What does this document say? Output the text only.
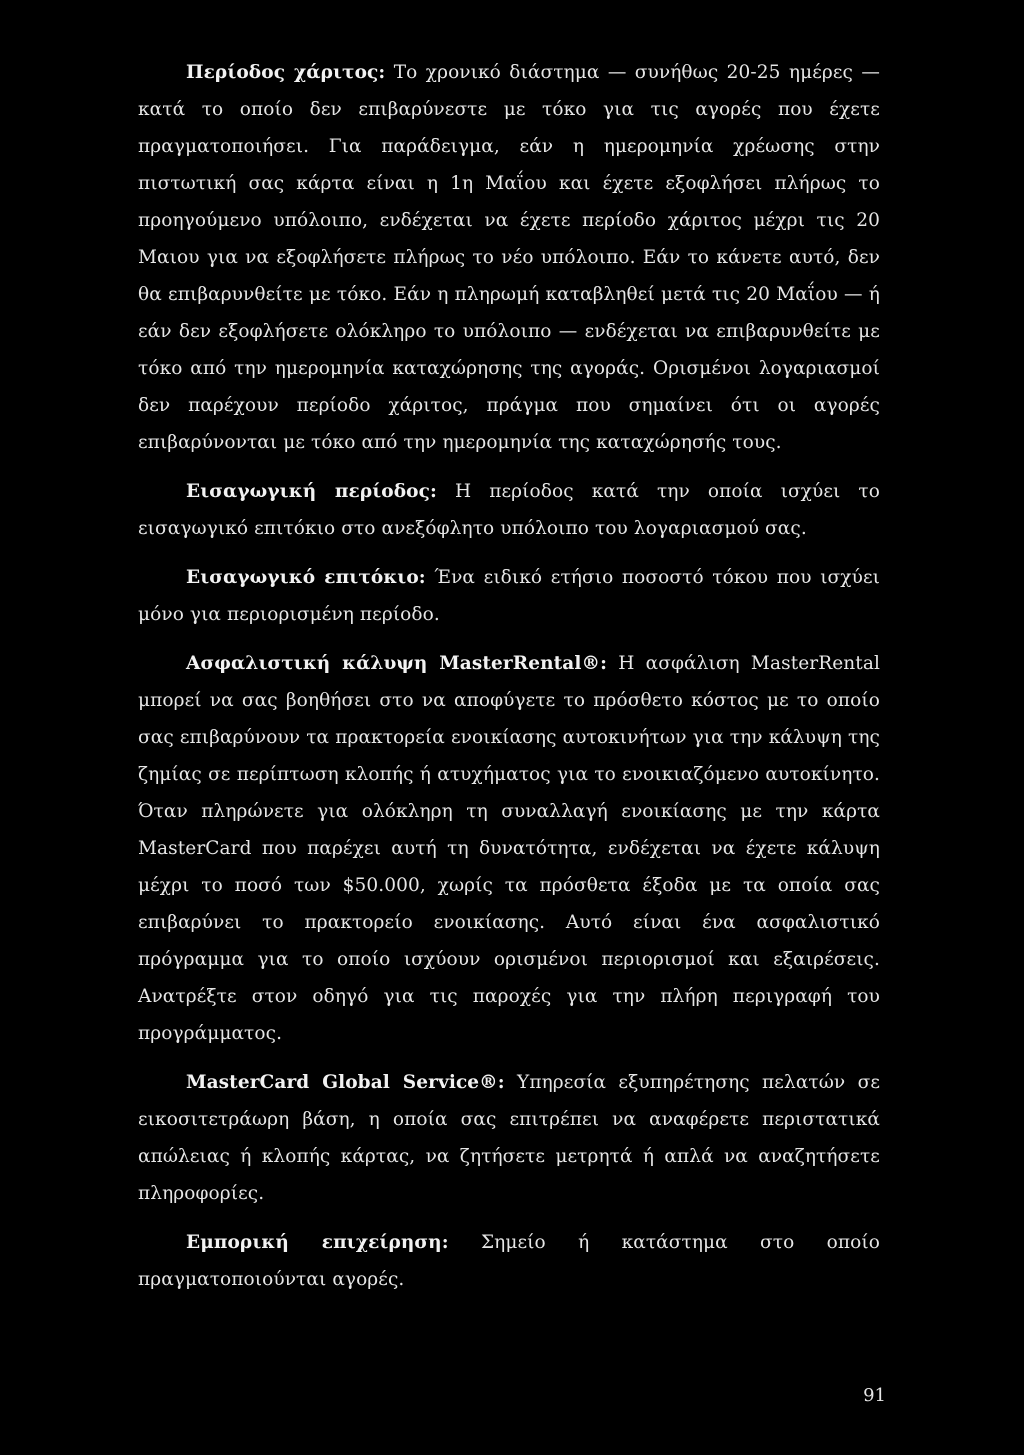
Περίοδος χάριτος: Το χρονικό διάστημα — συνήθως 20-25 ημέρες — κατά το οποίο δεν επιβαρύνεστε με τόκο για τις αγορές που έχετε πραγματοποιήσει. Για παράδειγμα, εάν η ημερομηνία χρέωσης στην πιστωτική σας κάρτα είναι η 1η Μαΐου και έχετε εξοφλήσει πλήρως το προηγούμενο υπόλοιπο, ενδέχεται να έχετε περίοδο χάριτος μέχρι τις 20 Μαιου για να εξοφλήσετε πλήρως το νέο υπόλοιπο. Εάν το κάνετε αυτό, δεν θα επιβαρυνθείτε με τόκο. Εάν η πληρωμή καταβληθεί μετά τις 20 Μαΐου — ή εάν δεν εξοφλήσετε ολόκληρο το υπόλοιπο — ενδέχεται να επιβαρυνθείτε με τόκο από την ημερομηνία καταχώρησης της αγοράς. Ορισμένοι λογαριασμοί δεν παρέχουν περίοδο χάριτος, πράγμα που σημαίνει ότι οι αγορές επιβαρύνονται με τόκο από την ημερομηνία της καταχώρησής τους.

Εισαγωγική περίοδος: Η περίοδος κατά την οποία ισχύει το εισαγωγικό επιτόκιο στο ανεξόφλητο υπόλοιπο του λογαριασμού σας.

Εισαγωγικό επιτόκιο: Ένα ειδικό ετήσιο ποσοστό τόκου που ισχύει μόνο για περιορισμένη περίοδο.

Ασφαλιστική κάλυψη MasterRental®: Η ασφάλιση MasterRental μπορεί να σας βοηθήσει στο να αποφύγετε το πρόσθετο κόστος με το οποίο σας επιβαρύνουν τα πρακτορεία ενοικίασης αυτοκινήτων για την κάλυψη της ζημίας σε περίπτωση κλοπής ή ατυχήματος για το ενοικιαζόμενο αυτοκίνητο. Όταν πληρώνετε για ολόκληρη τη συναλλαγή ενοικίασης με την κάρτα MasterCard που παρέχει αυτή τη δυνατότητα, ενδέχεται να έχετε κάλυψη μέχρι το ποσό των $50.000, χωρίς τα πρόσθετα έξοδα με τα οποία σας επιβαρύνει το πρακτορείο ενοικίασης. Αυτό είναι ένα ασφαλιστικό πρόγραμμα για το οποίο ισχύουν ορισμένοι περιορισμοί και εξαιρέσεις. Ανατρέξτε στον οδηγό για τις παροχές για την πλήρη περιγραφή του προγράμματος.

MasterCard Global Service®: Υπηρεσία εξυπηρέτησης πελατών σε εικοσιτετράωρη βάση, η οποία σας επιτρέπει να αναφέρετε περιστατικά απώλειας ή κλοπής κάρτας, να ζητήσετε μετρητά ή απλά να αναζητήσετε πληροφορίες.

Εμπορική επιχείρηση: Σημείο ή κατάστημα στο οποίο πραγματοποιούνται αγορές.

91
